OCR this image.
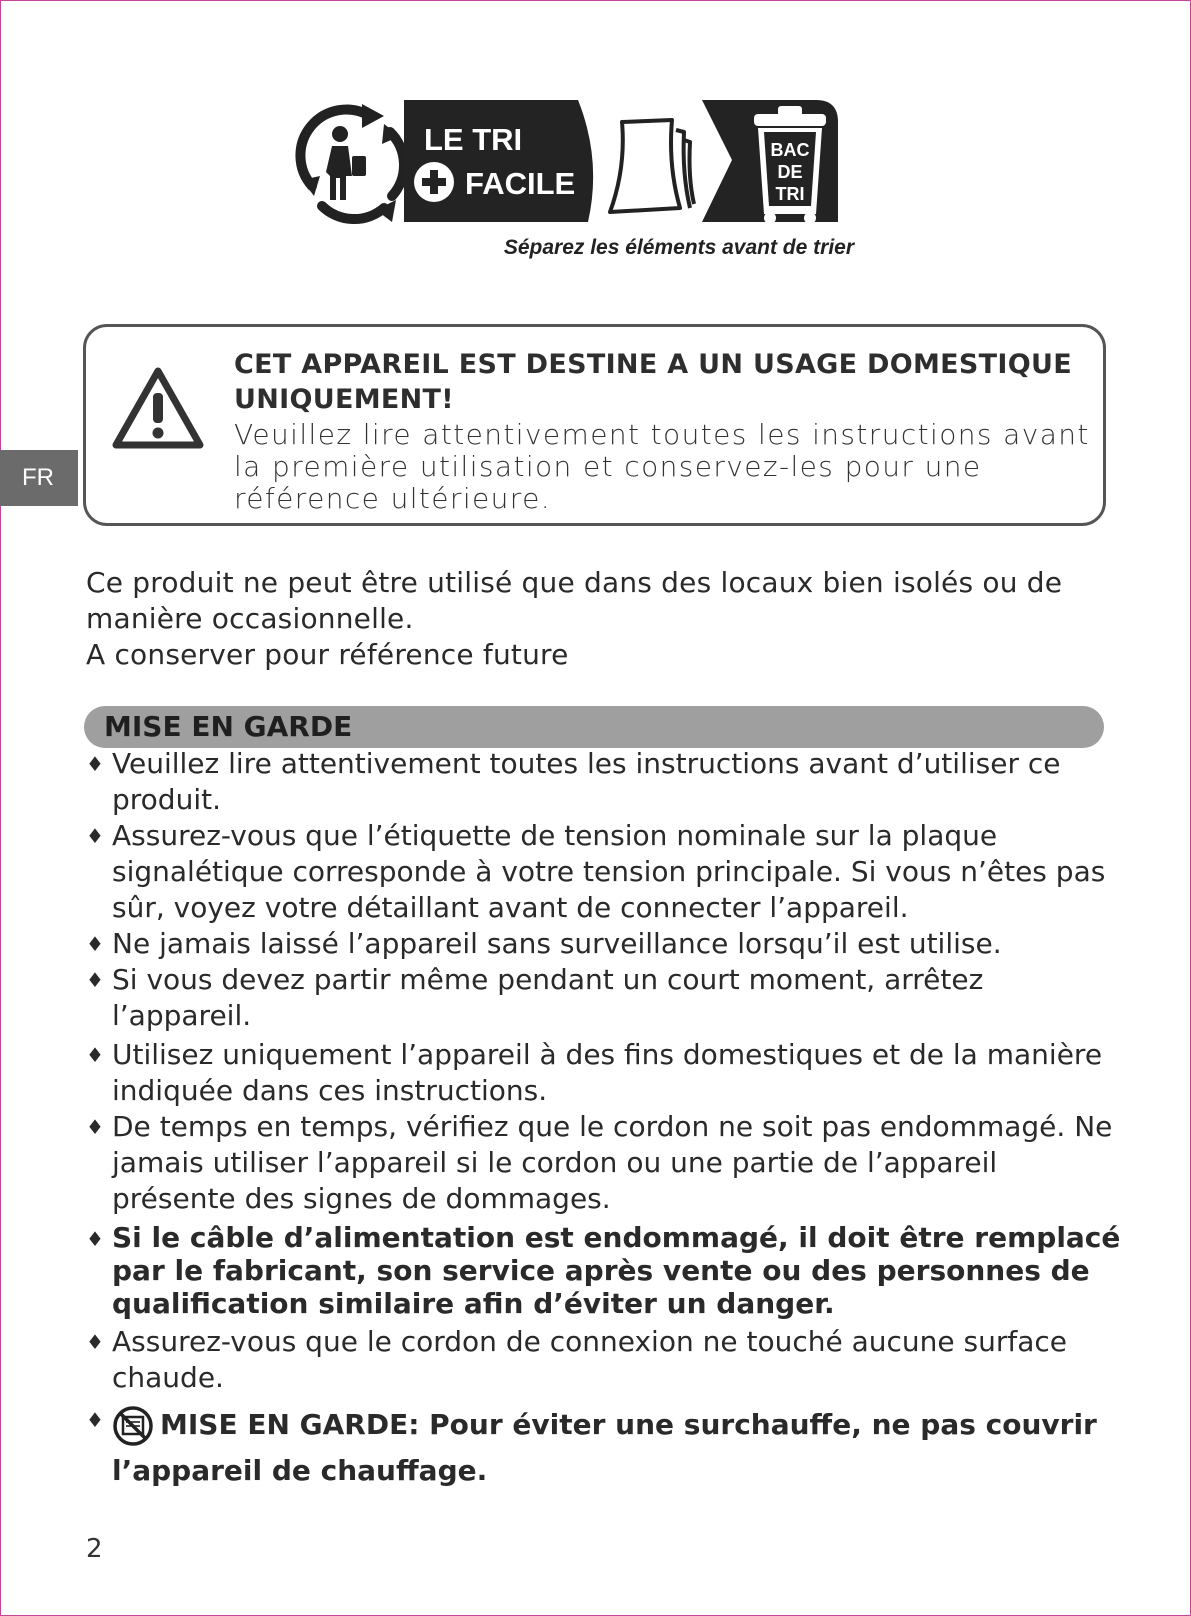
LE TRI
FACILE
BAC
DE
TRI
Séparez les éléments avant de trier
FR
CET APPAREIL EST DESTINE A UN USAGE DOMESTIQUE UNIQUEMENT!
Veuillez lire attentivement toutes les instructions avant la première utilisation et conservez-les pour une référence ultérieure.

Ce produit ne peut être utilisé que dans des locaux bien isolés ou de manière occasionnelle.

A conserver pour référence future

MISE EN GARDE
♦ Veuillez lire attentivement toutes les instructions avant d’utiliser ce produit.
♦ Assurez-vous que l’étiquette de tension nominale sur la plaque signalétique corresponde à votre tension principale. Si vous n’êtes pas sûr, voyez votre détaillant avant de connecter l’appareil.
♦ Ne jamais laissé l’appareil sans surveillance lorsqu’il est utilise.
♦ Si vous devez partir même pendant un court moment, arrêtez l’appareil.
♦ Utilisez uniquement l’appareil à des fins domestiques et de la manière indiquée dans ces instructions.
♦ De temps en temps, vérifiez que le cordon ne soit pas endommagé. Ne jamais utiliser l’appareil si le cordon ou une partie de l’appareil présente des signes de dommages.
♦ Si le câble d’alimentation est endommagé, il doit être remplacé par le fabricant, son service après vente ou des personnes de qualification similaire afin d’éviter un danger.
♦ Assurez-vous que le cordon de connexion ne touché aucune surface chaude.
♦ MISE EN GARDE: Pour éviter une surchauffe, ne pas couvrir l’appareil de chauffage.
2
